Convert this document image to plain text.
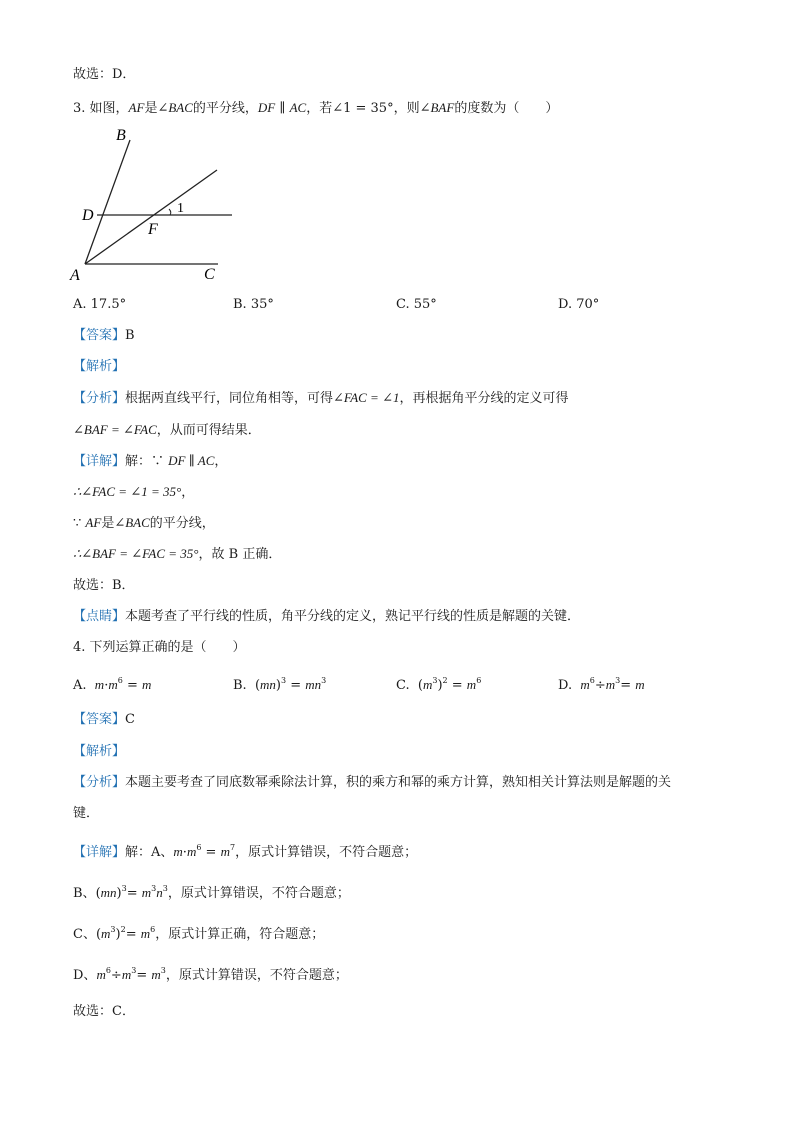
故选：D．
3. 如图，AF是∠BAC的平分线，DF ∥ AC，若∠1 = 35°，则∠BAF的度数为（　　）
B
D
F
1
A	C
A. 17.5°	B. 35°	C. 55°	D. 70°
【答案】B
【解析】
【分析】根据两直线平行，同位角相等，可得∠FAC = ∠1，再根据角平分线的定义可得
∠BAF = ∠FAC，从而可得结果．
【详解】解：∵ DF ∥ AC，
∴∠FAC = ∠1 = 35°，
∵ AF是∠BAC的平分线，
∴∠BAF = ∠FAC = 35°，故 B 正确．
故选：B．
【点睛】本题考查了平行线的性质，角平分线的定义，熟记平行线的性质是解题的关键．
4. 下列运算正确的是（　　）
A. $m\cdot m^6 = m$	B.  $(mn)^3 = mn^3$	C.  $(m^3)^2 = m^6$	D. $m^6\div m^3= m$
【答案】C
【解析】
【分析】本题主要考查了同底数幂乘除法计算，积的乘方和幂的乘方计算，熟知相关计算法则是解题的关
键．
【详解】解：A、$m\cdot m^6 = m^7$，原式计算错误，不符合题意；
B、$(mn)^3= m^3n^3$，原式计算错误，不符合题意；
C、$(m^3)^2= m^6$，原式计算正确，符合题意；
D、$m^6\div m^3= m^3$，原式计算错误，不符合题意；
故选：C．
